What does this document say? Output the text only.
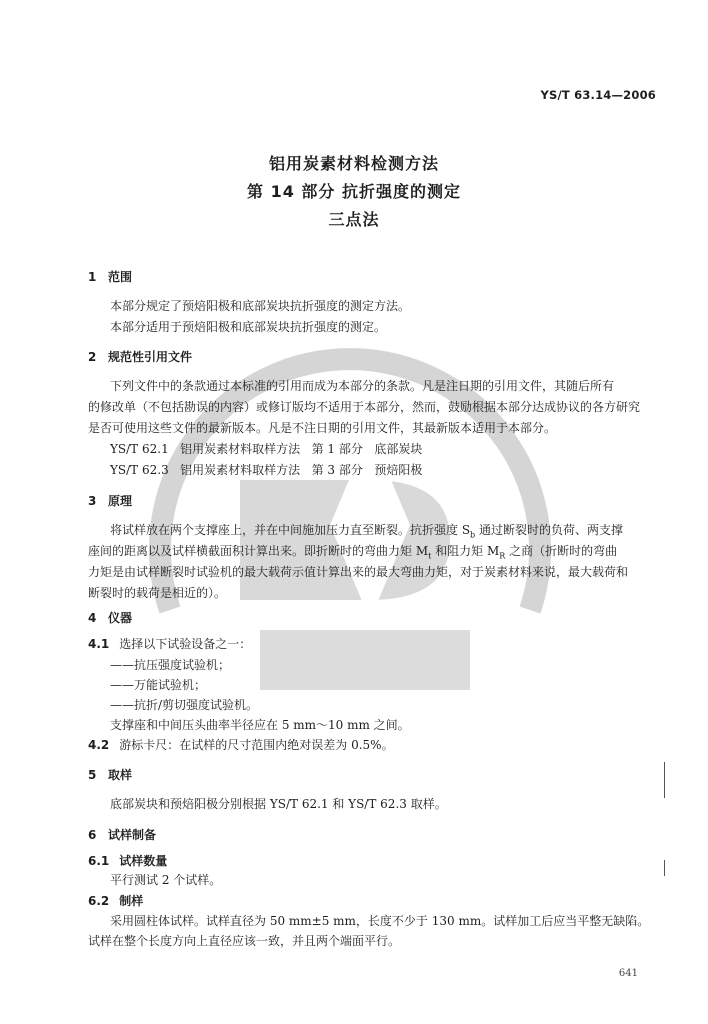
YS/T 63.14—2006
铝用炭素材料检测方法
第 14 部分 抗折强度的测定
三点法
1 范围
本部分规定了预焙阳极和底部炭块抗折强度的测定方法。
本部分适用于预焙阳极和底部炭块抗折强度的测定。
2 规范性引用文件
下列文件中的条款通过本标准的引用而成为本部分的条款。凡是注日期的引用文件，其随后所有
的修改单（不包括勘误的内容）或修订版均不适用于本部分，然而，鼓励根据本部分达成协议的各方研究
是否可使用这些文件的最新版本。凡是不注日期的引用文件，其最新版本适用于本部分。
YS/T 62.1   铝用炭素材料取样方法   第 1 部分   底部炭块
YS/T 62.3   铝用炭素材料取样方法   第 3 部分   预焙阳极
3 原理
将试样放在两个支撑座上，并在中间施加压力直至断裂。抗折强度 $S_b$ 通过断裂时的负荷、两支撑
座间的距离以及试样横截面积计算出来。即折断时的弯曲力矩 $M_t$ 和阻力矩 $M_R$ 之商（折断时的弯曲
力矩是由试样断裂时试验机的最大载荷示值计算出来的最大弯曲力矩，对于炭素材料来说，最大载荷和
断裂时的载荷是相近的）。
4 仪器
4.1 选择以下试验设备之一：
——抗压强度试验机；
——万能试验机；
——抗折/剪切强度试验机。
支撑座和中间压头曲率半径应在 5 mm～10 mm 之间。
4.2 游标卡尺：在试样的尺寸范围内绝对误差为 0.5%。
5 取样
底部炭块和预焙阳极分别根据 YS/T 62.1 和 YS/T 62.3 取样。
6 试样制备
6.1 试样数量
平行测试 2 个试样。
6.2 制样
采用圆柱体试样。试样直径为 50 mm±5 mm，长度不少于 130 mm。试样加工后应当平整无缺陷。
试样在整个长度方向上直径应该一致，并且两个端面平行。
641
